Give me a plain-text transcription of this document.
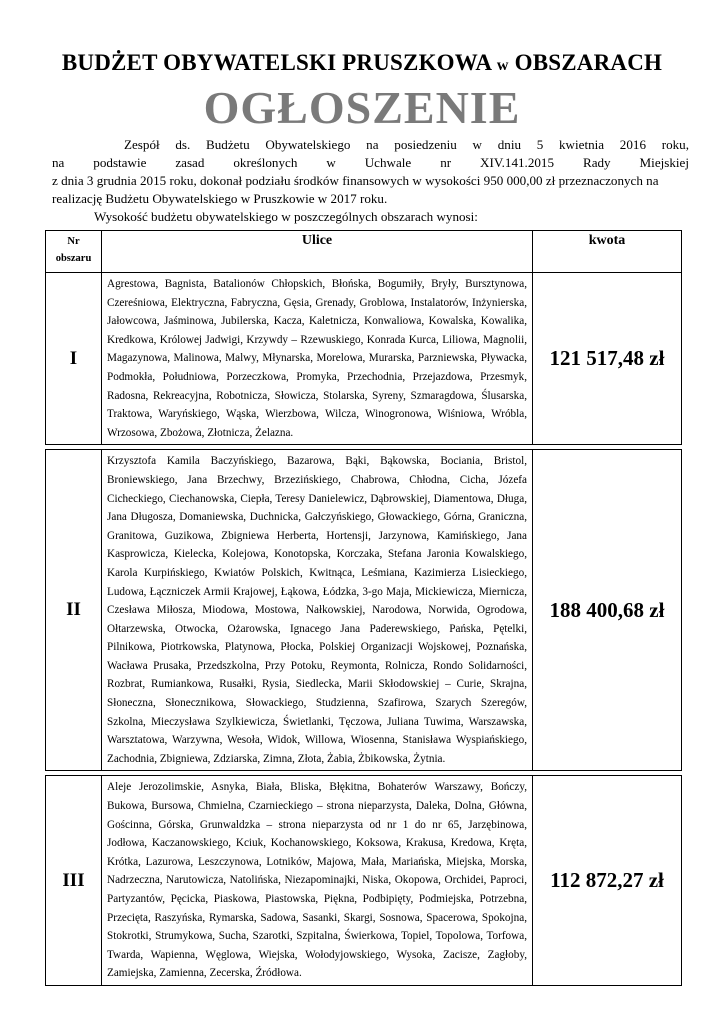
BUDŻET OBYWATELSKI PRUSZKOWA w OBSZARACH
OGŁOSZENIE
Zespół ds. Budżetu Obywatelskiego na posiedzeniu w dniu 5 kwietnia 2016 roku,
na podstawie zasad określonych w Uchwale nr XIV.141.2015 Rady Miejskiej
z dnia 3 grudnia 2015 roku, dokonał podziału środków finansowych w wysokości 950 000,00 zł przeznaczonych na
realizację Budżetu Obywatelskiego w Pruszkowie w 2017 roku.
Wysokość budżetu obywatelskiego w poszczególnych obszarach wynosi:
Nr obszaru	Ulice	kwota
I	Agrestowa, Bagnista, Batalionów Chłopskich, Błońska, Bogumiły, Bryły, Bursztynowa, Czereśniowa, Elektryczna, Fabryczna, Gęsia, Grenady, Groblowa, Instalatorów, Inżynierska, Jałowcowa, Jaśminowa, Jubilerska, Kacza, Kaletnicza, Konwaliowa, Kowalska, Kowalika, Kredkowa, Królowej Jadwigi, Krzywdy – Rzewuskiego, Konrada Kurca, Liliowa, Magnolii, Magazynowa, Malinowa, Malwy, Młynarska, Morelowa, Murarska, Parzniewska, Pływacka, Podmokła, Południowa, Porzeczkowa, Promyka, Przechodnia, Przejazdowa, Przesmyk, Radosna, Rekreacyjna, Robotnicza, Słowicza, Stolarska, Syreny, Szmaragdowa, Ślusarska, Traktowa, Waryńskiego, Wąska, Wierzbowa, Wilcza, Winogronowa, Wiśniowa, Wróbla, Wrzosowa, Zbożowa, Złotnicza, Żelazna.	121 517,48 zł

II	Krzysztofa Kamila Baczyńskiego, Bazarowa, Bąki, Bąkowska, Bociania, Bristol, Broniewskiego, Jana Brzechwy, Brzezińskiego, Chabrowa, Chłodna, Cicha, Józefa Cicheckiego, Ciechanowska, Ciepła, Teresy Danielewicz, Dąbrowskiej, Diamentowa, Długa, Jana Długosza, Domaniewska, Duchnicka, Gałczyńskiego, Głowackiego, Górna, Graniczna, Granitowa, Guzikowa, Zbigniewa Herberta, Hortensji, Jarzynowa, Kamińskiego, Jana Kasprowicza, Kielecka, Kolejowa, Konotopska, Korczaka, Stefana Jaronia Kowalskiego, Karola Kurpińskiego, Kwiatów Polskich, Kwitnąca, Leśmiana, Kazimierza Lisieckiego, Ludowa, Łączniczek Armii Krajowej, Łąkowa, Łódzka, 3-go Maja, Mickiewicza, Miernicza, Czesława Miłosza, Miodowa, Mostowa, Nałkowskiej, Narodowa, Norwida, Ogrodowa, Ołtarzewska, Otwocka, Ożarowska, Ignacego Jana Paderewskiego, Pańska, Pętelki, Pilnikowa, Piotrkowska, Platynowa, Płocka, Polskiej Organizacji Wojskowej, Poznańska, Wacława Prusaka, Przedszkolna, Przy Potoku, Reymonta, Rolnicza, Rondo Solidarności, Rozbrat, Rumiankowa, Rusałki, Rysia, Siedlecka, Marii Skłodowskiej – Curie, Skrajna, Słoneczna, Słonecznikowa, Słowackiego, Studzienna, Szafirowa, Szarych Szeregów, Szkolna, Mieczysława Szylkiewicza, Świetlanki, Tęczowa, Juliana Tuwima, Warszawska, Warsztatowa, Warzywna, Wesoła, Widok, Willowa, Wiosenna, Stanisława Wyspiańskiego, Zachodnia, Zbigniewa, Zdziarska, Zimna, Złota, Żabia, Żbikowska, Żytnia.	188 400,68 zł

III	Aleje Jerozolimskie, Asnyka, Biała, Bliska, Błękitna, Bohaterów Warszawy, Bończy, Bukowa, Bursowa, Chmielna, Czarnieckiego – strona nieparzysta, Daleka, Dolna, Główna, Gościnna, Górska, Grunwaldzka – strona nieparzysta od nr 1 do nr 65, Jarzębinowa, Jodłowa, Kaczanowskiego, Kciuk, Kochanowskiego, Koksowa, Krakusa, Kredowa, Kręta, Krótka, Lazurowa, Leszczynowa, Lotników, Majowa, Mała, Mariańska, Miejska, Morska, Nadrzeczna, Narutowicza, Natolińska, Niezapominajki, Niska, Okopowa, Orchidei, Paproci, Partyzantów, Pęcicka, Piaskowa, Piastowska, Piękna, Podbipięty, Podmiejska, Potrzebna, Przecięta, Raszyńska, Rymarska, Sadowa, Sasanki, Skargi, Sosnowa, Spacerowa, Spokojna, Stokrotki, Strumykowa, Sucha, Szarotki, Szpitalna, Świerkowa, Topiel, Topolowa, Torfowa, Twarda, Wapienna, Węglowa, Wiejska, Wołodyjowskiego, Wysoka, Zacisze, Zagłoby, Zamiejska, Zamienna, Zecerska, Źródłowa.	112 872,27 zł
